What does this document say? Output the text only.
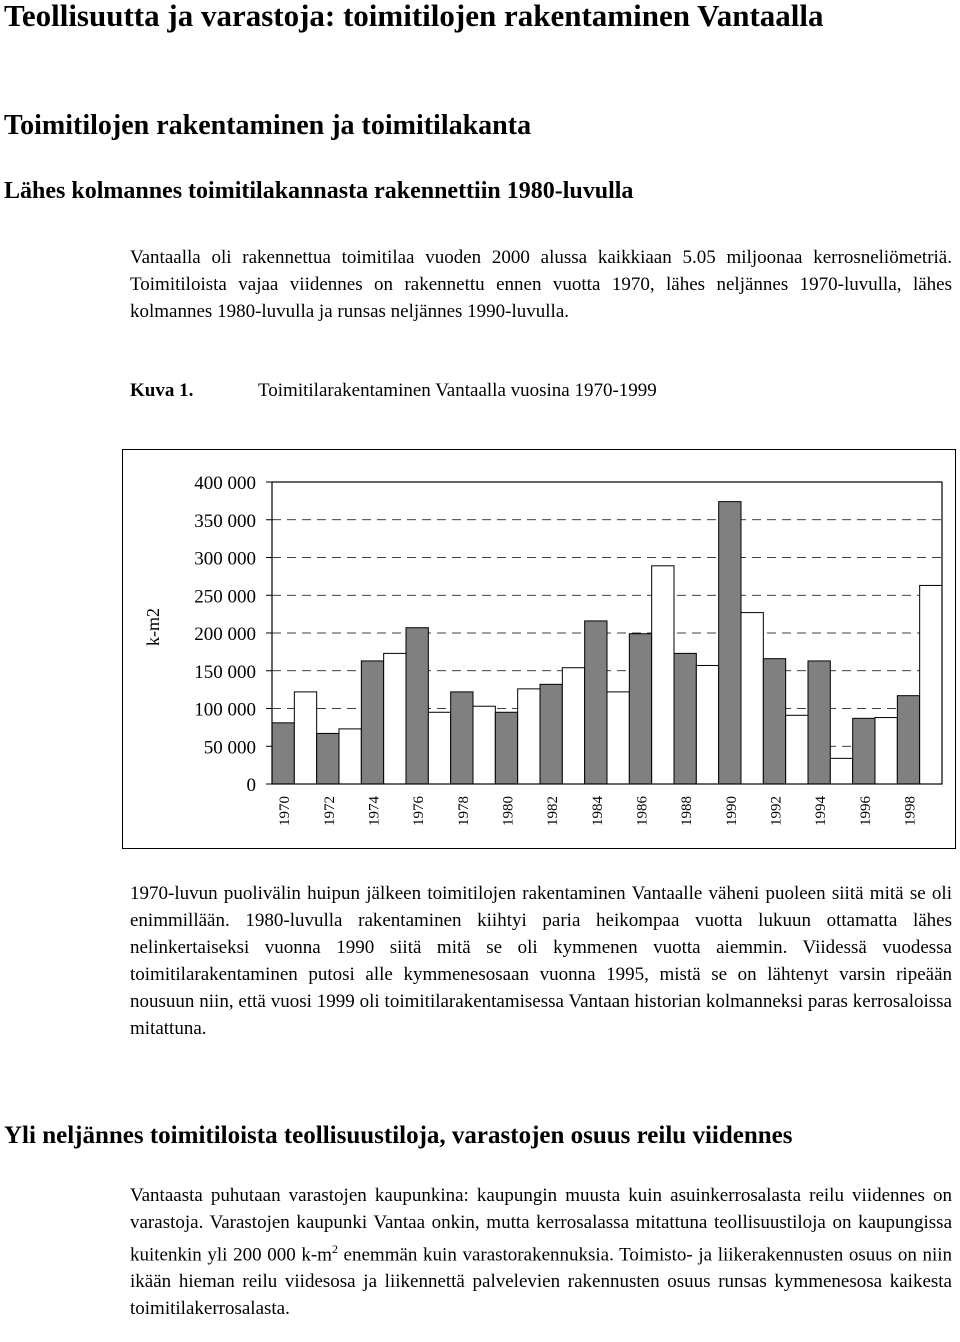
Teollisuutta ja varastoja: toimitilojen rakentaminen Vantaalla
Toimitilojen rakentaminen ja toimitilakanta
Lähes kolmannes toimitilakannasta rakennettiin 1980-luvulla

Vantaalla oli rakennettua toimitilaa vuoden 2000 alussa kaikkiaan 5.05 miljoonaa kerrosneliömetriä. Toimitiloista vajaa viidennes on rakennettu ennen vuotta 1970, lähes neljännes 1970-luvulla, lähes kolmannes 1980-luvulla ja runsas neljännes 1990-luvulla.

Kuva 1.	Toimitilarakentaminen Vantaalla vuosina 1970-1999
400 000
350 000
300 000
250 000
200 000
150 000
100 000
50 000
0
1970 1972 1974 1976 1978 1980 1982 1984 1986 1988 1990 1992 1994 1996 1998
k-m2

1970-luvun puolivälin huipun jälkeen toimitilojen rakentaminen Vantaalle väheni puoleen siitä mitä se oli enimmillään. 1980-luvulla rakentaminen kiihtyi paria heikompaa vuotta lukuun ottamatta lähes nelinkertaiseksi vuonna 1990 siitä mitä se oli kymmenen vuotta aiemmin. Viidessä vuodessa toimitilarakentaminen putosi alle kymmenesosaan vuonna 1995, mistä se on lähtenyt varsin ripeään nousuun niin, että vuosi 1999 oli toimitilarakentamisessa Vantaan historian kolmanneksi paras kerrosaloissa mitattuna.

Yli neljännes toimitiloista teollisuustiloja, varastojen osuus reilu viidennes

Vantaasta puhutaan varastojen kaupunkina: kaupungin muusta kuin asuinkerrosalasta reilu viidennes on varastoja. Varastojen kaupunki Vantaa onkin, mutta kerrosalassa mitattuna teollisuustiloja on kaupungissa kuitenkin yli 200 000 $k-m^2$ enemmän kuin varastorakennuksia. Toimisto- ja liikerakennusten osuus on niin ikään hieman reilu viidesosa ja liikennettä palvelevien rakennusten osuus runsas kymmenesosa kaikesta toimitilakerrosalasta.
